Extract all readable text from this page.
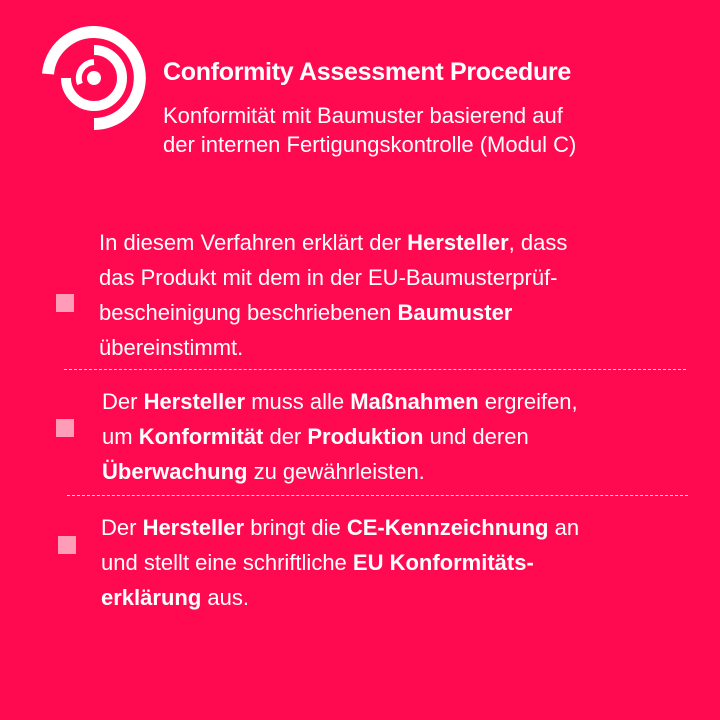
Conformity Assessment Procedure
Konformität mit Baumuster basierend auf
der internen Fertigungskontrolle (Modul C)
In diesem Verfahren erklärt der Hersteller, dass
das Produkt mit dem in der EU-Baumusterprüf-
bescheinigung beschriebenen Baumuster
übereinstimmt.
Der Hersteller muss alle Maßnahmen ergreifen,
um Konformität der Produktion und deren
Überwachung zu gewährleisten.
Der Hersteller bringt die CE-Kennzeichnung an
und stellt eine schriftliche EU Konformitäts-
erklärung aus.
